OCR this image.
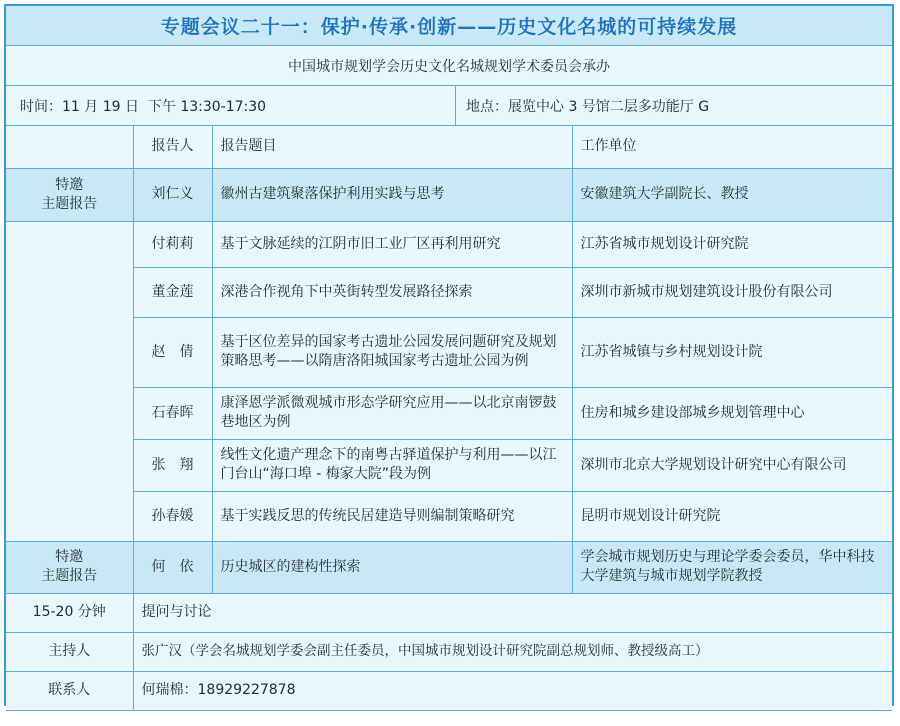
专题会议二十一：保护·传承·创新——历史文化名城的可持续发展
中国城市规划学会历史文化名城规划学术委员会承办
时间： 11 月 19 日  下午 13:30-17:30	地点： 展览中心 3 号馆二层多功能厅 G
	报告人	报告题目	工作单位

特邀
主题报告	刘仁义	徽州古建筑聚落保护利用实践与思考	安徽建筑大学副院长、教授
	付莉莉	基于文脉延续的江阴市旧工业厂区再利用研究	江苏省城市规划设计研究院
	董金莲	深港合作视角下中英街转型发展路径探索	深圳市新城市规划建筑设计股份有限公司
	赵　倩	基于区位差异的国家考古遗址公园发展问题研究及规划策略思考——以隋唐洛阳城国家考古遗址公园为例	江苏省城镇与乡村规划设计院
	石春晖	康泽恩学派微观城市形态学研究应用——以北京南锣鼓巷地区为例	住房和城乡建设部城乡规划管理中心
	张　翔	线性文化遗产理念下的南粤古驿道保护与利用——以江门台山“海口埠 - 梅家大院”段为例	深圳市北京大学规划设计研究中心有限公司
	孙春媛	基于实践反思的传统民居建造导则编制策略研究	昆明市规划设计研究院

特邀
主题报告	何　依	历史城区的建构性探索	学会城市规划历史与理论学委会委员，华中科技大学建筑与城市规划学院教授
15-20 分钟	提问与讨论		
主持人	张广汉（学会名城规划学委会副主任委员，中国城市规划设计研究院副总规划师、教授级高工）		
联系人	何瑞棉：18929227878		
